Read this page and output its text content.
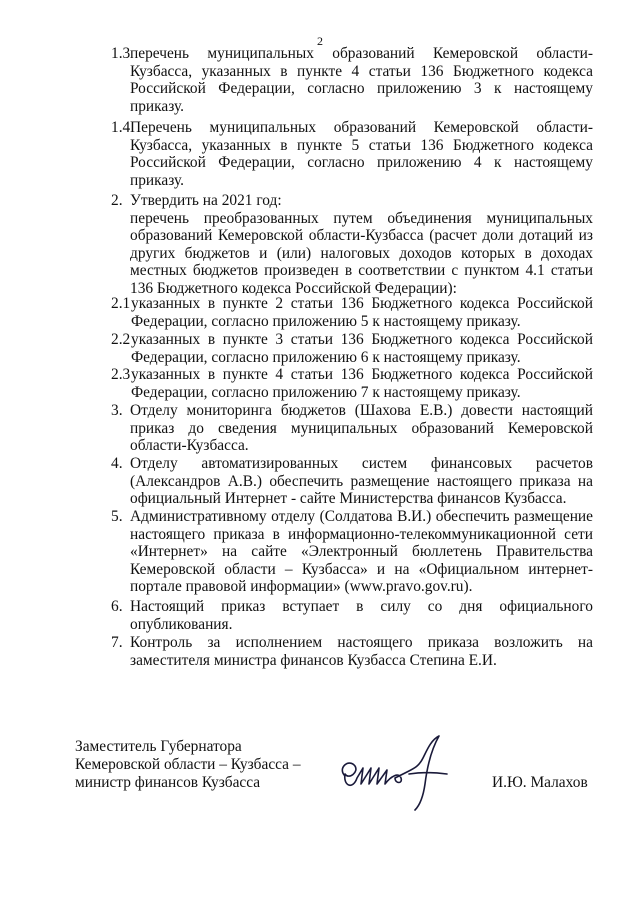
2
1.3 перечень муниципальных образований Кемеровской области-
Кузбасса, указанных в пункте 4 статьи 136 Бюджетного кодекса Российской Федерации, согласно приложению 3 к настоящему приказу.
1.4 Перечень муниципальных образований Кемеровской области-
Кузбасса, указанных в пункте 5 статьи 136 Бюджетного кодекса Российской Федерации, согласно приложению 4 к настоящему приказу.
2. Утвердить на 2021 год:
перечень преобразованных путем объединения муниципальных образований Кемеровской области-Кузбасса (расчет доли дотаций из других бюджетов и (или) налоговых доходов которых в доходах местных бюджетов произведен в соответствии с пунктом 4.1 статьи 136 Бюджетного кодекса Российской Федерации):
2.1 указанных в пункте 2 статьи 136 Бюджетного кодекса Российской
Федерации, согласно приложению 5 к настоящему приказу.
2.2 указанных в пункте 3 статьи 136 Бюджетного кодекса Российской
Федерации, согласно приложению 6 к настоящему приказу.
2.3 указанных в пункте 4 статьи 136 Бюджетного кодекса Российской
Федерации, согласно приложению 7 к настоящему приказу.
3. Отделу мониторинга бюджетов (Шахова Е.В.) довести настоящий приказ до сведения муниципальных образований Кемеровской области-Кузбасса.
4. Отделу автоматизированных систем финансовых расчетов (Александров А.В.) обеспечить размещение настоящего приказа на официальный Интернет - сайте Министерства финансов Кузбасса.
5. Административному отделу (Солдатова В.И.) обеспечить размещение настоящего приказа в информационно-телекоммуникационной сети «Интернет» на сайте «Электронный бюллетень Правительства Кемеровской области – Кузбасса» и на «Официальном интернет-портале правовой информации» (www.pravo.gov.ru).
6. Настоящий приказ вступает в силу со дня официального опубликования.
7. Контроль за исполнением настоящего приказа возложить на заместителя министра финансов Кузбасса Степина Е.И.
Заместитель Губернатора
Кемеровской области – Кузбасса –
министр финансов Кузбасса	И.Ю. Малахов
